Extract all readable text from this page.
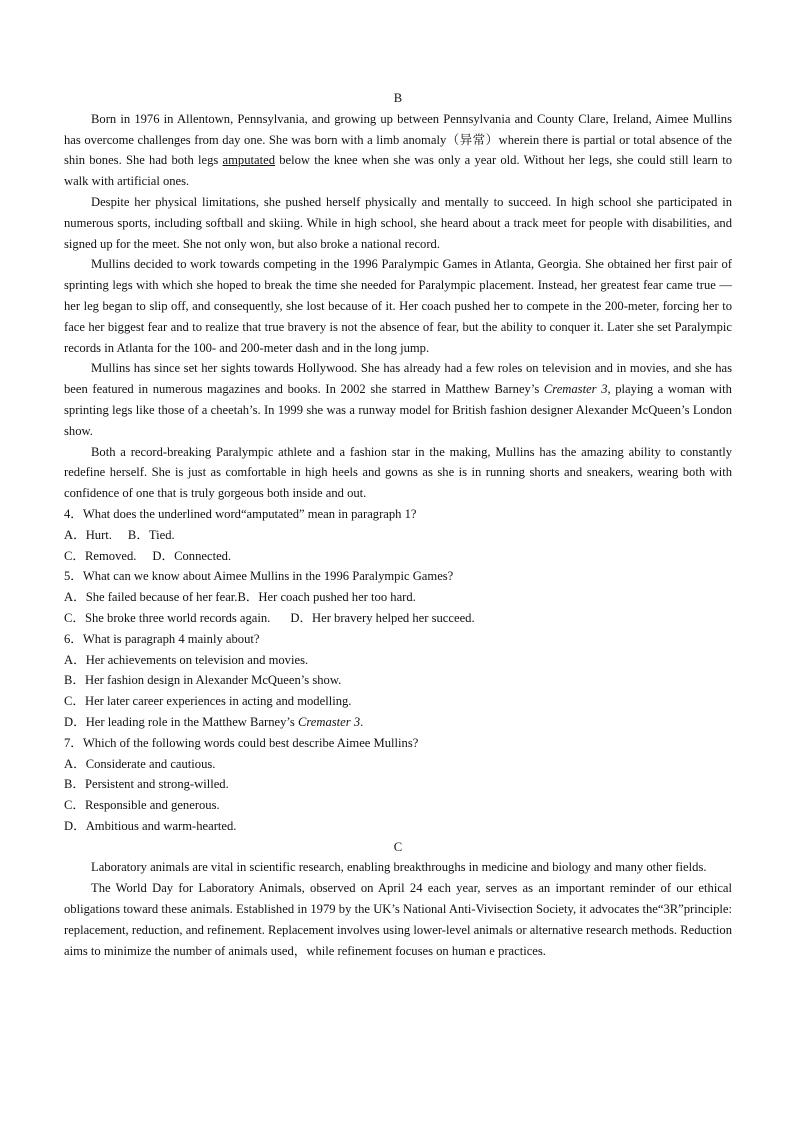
B

Born in 1976 in Allentown, Pennsylvania, and growing up between Pennsylvania and County Clare, Ireland, Aimee Mullins has overcome challenges from day one. She was born with a limb anomaly（异常）wherein there is partial or total absence of the shin bones. She had both legs amputated below the knee when she was only a year old. Without her legs, she could still learn to walk with artificial ones.

Despite her physical limitations, she pushed herself physically and mentally to succeed. In high school she participated in numerous sports, including softball and skiing. While in high school, she heard about a track meet for people with disabilities, and signed up for the meet. She not only won, but also broke a national record.

Mullins decided to work towards competing in the 1996 Paralympic Games in Atlanta, Georgia. She obtained her first pair of sprinting legs with which she hoped to break the time she needed for Paralympic placement. Instead, her greatest fear came true —her leg began to slip off, and consequently, she lost because of it. Her coach pushed her to compete in the 200-meter, forcing her to face her biggest fear and to realize that true bravery is not the absence of fear, but the ability to conquer it. Later she set Paralympic records in Atlanta for the 100- and 200-meter dash and in the long jump.

Mullins has since set her sights towards Hollywood. She has already had a few roles on television and in movies, and she has been featured in numerous magazines and books. In 2002 she starred in Matthew Barney’s Cremaster 3, playing a woman with sprinting legs like those of a cheetah’s. In 1999 she was a runway model for British fashion designer Alexander McQueen’s London show.

Both a record-breaking Paralympic athlete and a fashion star in the making, Mullins has the amazing ability to constantly redefine herself. She is just as comfortable in high heels and gowns as she is in running shorts and sneakers, wearing both with confidence of one that is truly gorgeous both inside and out.

4．What does the underlined word“amputated” mean in paragraph 1?

A．Hurt. B．Tied.

C．Removed. D．Connected.

5．What can we know about Aimee Mullins in the 1996 Paralympic Games?

A．She failed because of her fear.B．Her coach pushed her too hard.

C．She broke three world records again. D．Her bravery helped her succeed.

6．What is paragraph 4 mainly about?

A．Her achievements on television and movies.

B．Her fashion design in Alexander McQueen’s show.

C．Her later career experiences in acting and modelling.

D．Her leading role in the Matthew Barney’s Cremaster 3.

7．Which of the following words could best describe Aimee Mullins?

A．Considerate and cautious.

B．Persistent and strong-willed.

C．Responsible and generous.

D．Ambitious and warm-hearted.

C

Laboratory animals are vital in scientific research, enabling breakthroughs in medicine and biology and many other fields.

The World Day for Laboratory Animals, observed on April 24 each year, serves as an important reminder of our ethical obligations toward these animals. Established in 1979 by the UK’s National Anti-Vivisection Society, it advocates the“3R”principle: replacement, reduction, and refinement. Replacement involves using lower-level animals or alternative research methods. Reduction aims to minimize the number of animals used，while refinement focuses on human e practices.
